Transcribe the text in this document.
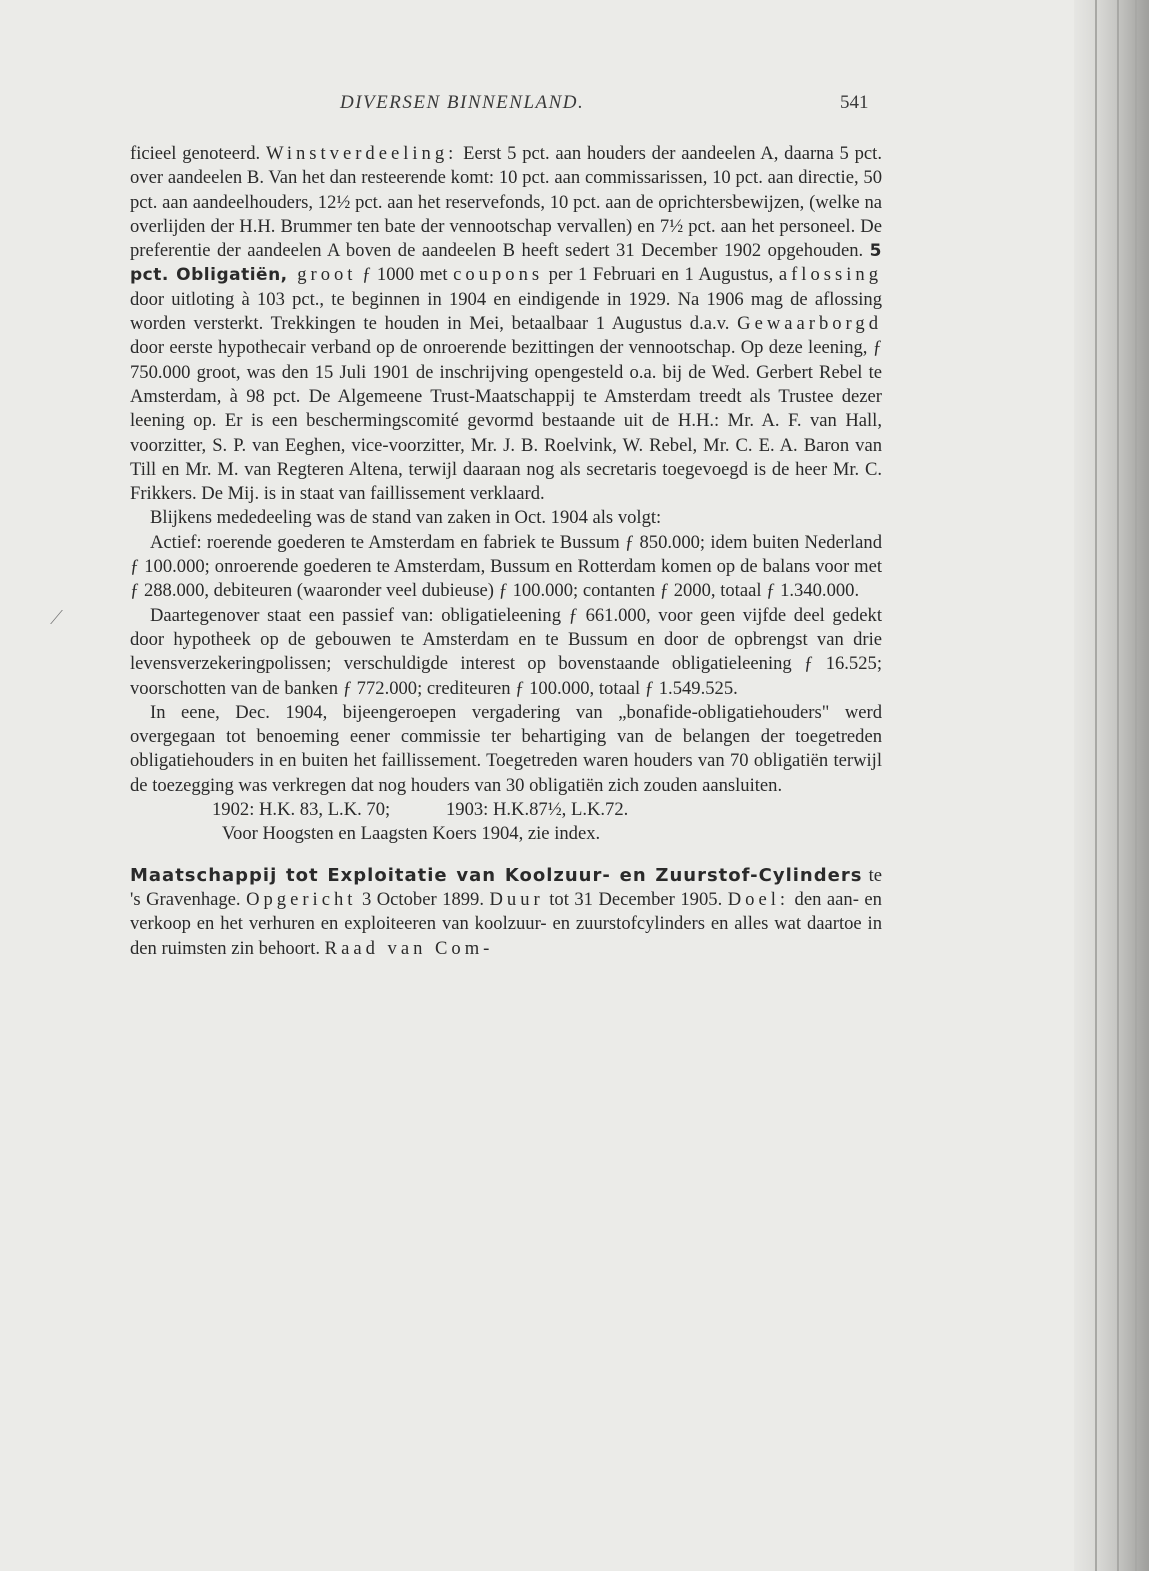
DIVERSEN BINNENLAND.	541

ficieel genoteerd. Winstverdeeling: Eerst 5 pct. aan houders der aandeelen A, daarna 5 pct. over aandeelen B. Van het dan resteerende komt: 10 pct. aan commissarissen, 10 pct. aan directie, 50 pct. aan aandeelhouders, 12½ pct. aan het reservefonds, 10 pct. aan de oprichtersbewijzen, (welke na overlijden der H.H. Brummer ten bate der vennootschap vervallen) en 7½ pct. aan het personeel. De preferentie der aandeelen A boven de aandeelen B heeft sedert 31 December 1902 opgehouden. 5 pct. Obligatiën, groot ƒ 1000 met coupons per 1 Februari en 1 Augustus, aflossing door uitloting à 103 pct., te beginnen in 1904 en eindigende in 1929. Na 1906 mag de aflossing worden versterkt. Trekkingen te houden in Mei, betaalbaar 1 Augustus d.a.v. Gewaarborgd door eerste hypothecair verband op de onroerende bezittingen der vennootschap. Op deze leening, ƒ 750.000 groot, was den 15 Juli 1901 de inschrijving opengesteld o.a. bij de Wed. Gerbert Rebel te Amsterdam, à 98 pct. De Algemeene Trust-Maatschappij te Amsterdam treedt als Trustee dezer leening op. Er is een beschermingscomité gevormd bestaande uit de H.H.: Mr. A. F. van Hall, voorzitter, S. P. van Eeghen, vice-voorzitter, Mr. J. B. Roelvink, W. Rebel, Mr. C. E. A. Baron van Till en Mr. M. van Regteren Altena, terwijl daaraan nog als secretaris toegevoegd is de heer Mr. C. Frikkers. De Mij. is in staat van faillissement verklaard.

Blijkens mededeeling was de stand van zaken in Oct. 1904 als volgt:

Actief: roerende goederen te Amsterdam en fabriek te Bussum ƒ 850.000; idem buiten Nederland ƒ 100.000; onroerende goederen te Amsterdam, Bussum en Rotterdam komen op de balans voor met ƒ 288.000, debiteuren (waaronder veel dubieuse) ƒ 100.000; contanten ƒ 2000, totaal ƒ 1.340.000.

Daartegenover staat een passief van: obligatieleening ƒ 661.000, voor geen vijfde deel gedekt door hypotheek op de gebouwen te Amsterdam en te Bussum en door de opbrengst van drie levensverzekeringpolissen; verschuldigde interest op bovenstaande obligatieleening ƒ 16.525; voorschotten van de banken ƒ 772.000; crediteuren ƒ 100.000, totaal ƒ 1.549.525.

In eene, Dec. 1904, bijeengeroepen vergadering van „bonafide-obligatiehouders" werd overgegaan tot benoeming eener commissie ter behartiging van de belangen der toegetreden obligatiehouders in en buiten het faillissement. Toegetreden waren houders van 70 obligatiën terwijl de toezegging was verkregen dat nog houders van 30 obligatiën zich zouden aansluiten.

1902: H.K. 83, L.K. 70;	1903: H.K.87½, L.K.72.

Voor Hoogsten en Laagsten Koers 1904, zie index.

Maatschappij tot Exploitatie van Koolzuur- en Zuurstof-Cylinders te 's Gravenhage. Opgericht 3 October 1899. Duur tot 31 December 1905. Doel: den aan- en verkoop en het verhuren en exploiteeren van koolzuur- en zuurstofcylinders en alles wat daartoe in den ruimsten zin behoort. Raad van Com-
